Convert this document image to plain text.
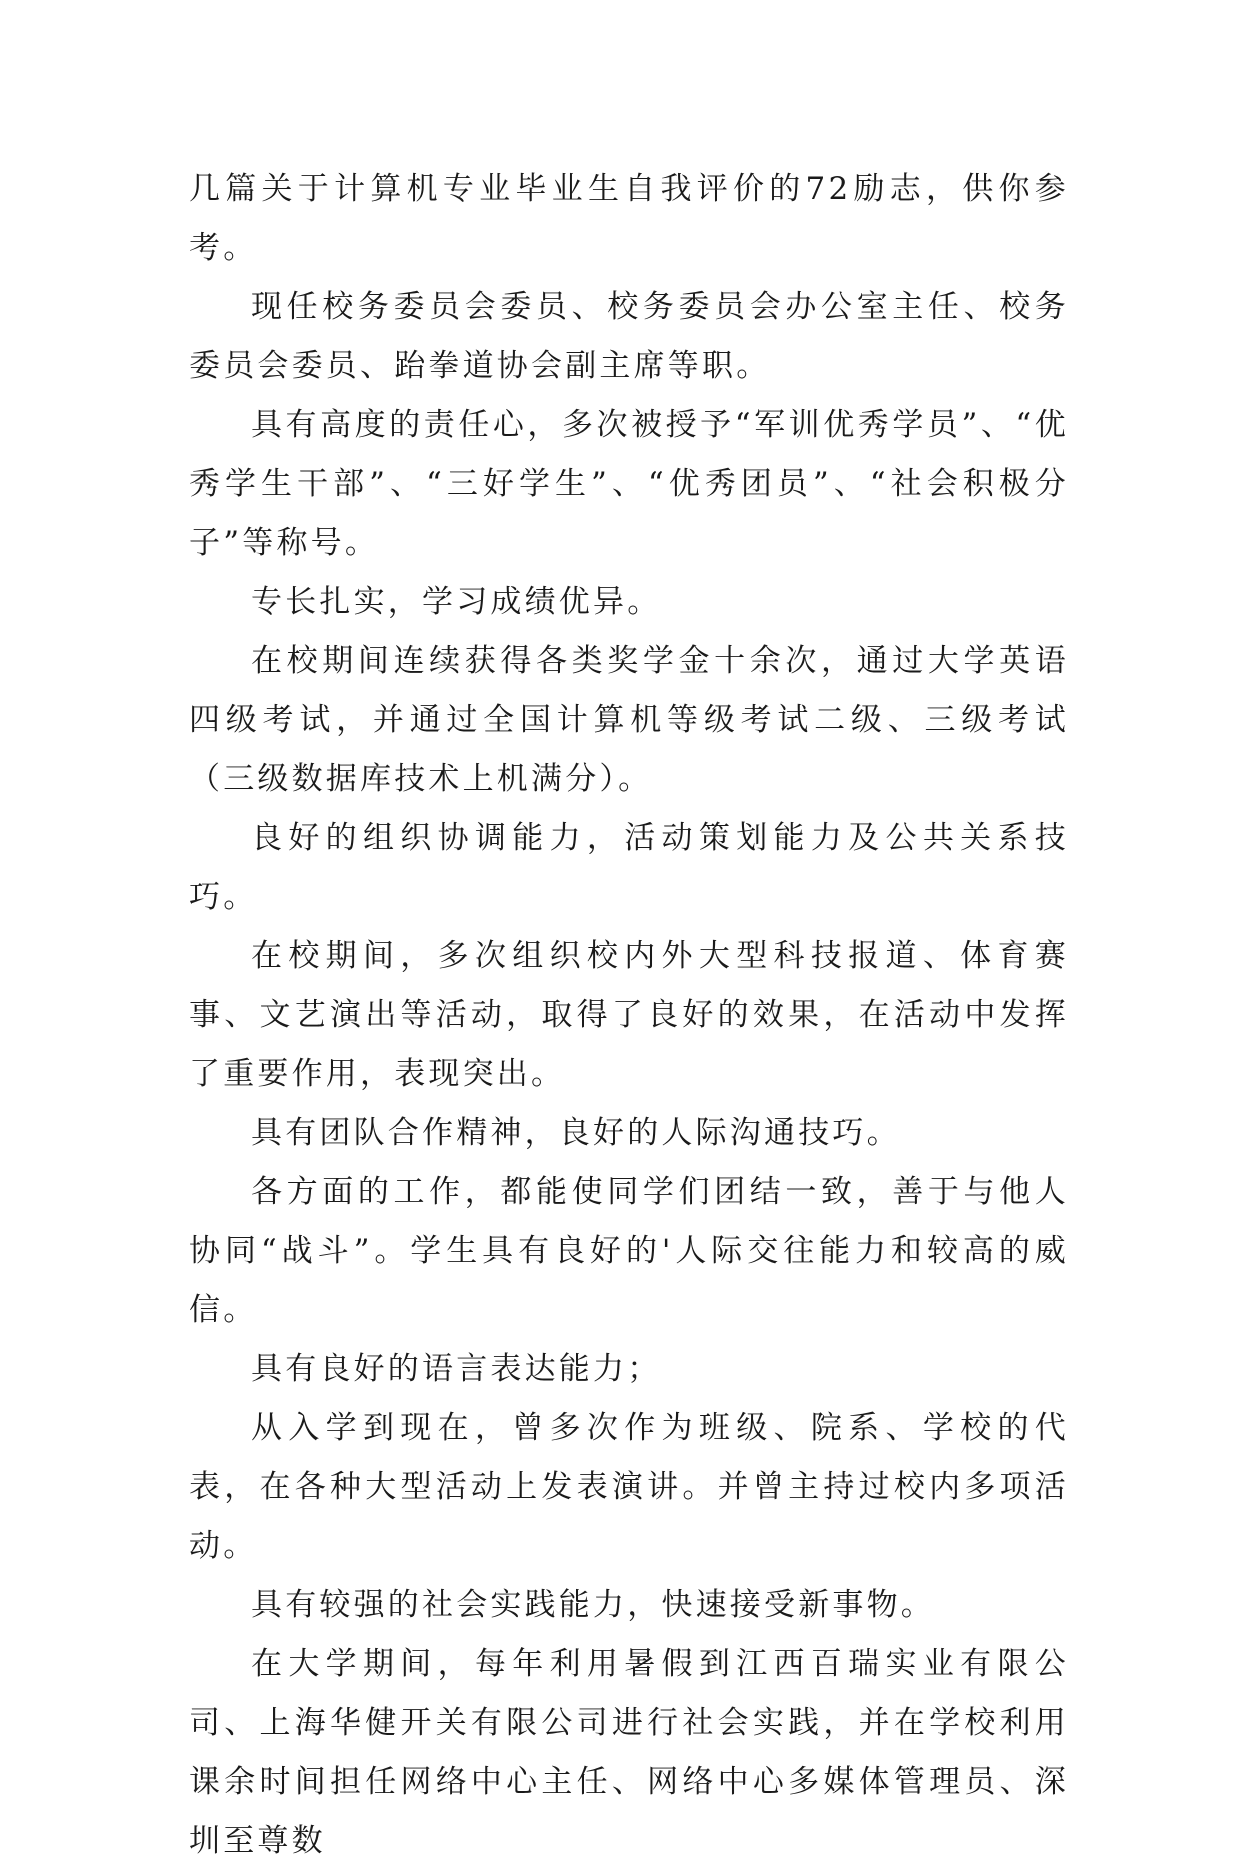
几篇关于计算机专业毕业生自我评价的72励志，供你参考。

现任校务委员会委员、校务委员会办公室主任、校务委员会委员、跆拳道协会副主席等职。

具有高度的责任心，多次被授予“军训优秀学员”、“优秀学生干部”、“三好学生”、“优秀团员”、“社会积极分子”等称号。

专长扎实，学习成绩优异。

在校期间连续获得各类奖学金十余次，通过大学英语四级考试，并通过全国计算机等级考试二级、三级考试（三级数据库技术上机满分）。

良好的组织协调能力，活动策划能力及公共关系技巧。

在校期间，多次组织校内外大型科技报道、体育赛事、文艺演出等活动，取得了良好的效果，在活动中发挥了重要作用，表现突出。

具有团队合作精神，良好的人际沟通技巧。

各方面的工作，都能使同学们团结一致，善于与他人协同“战斗”。学生具有良好的'人际交往能力和较高的威信。

具有良好的语言表达能力；

从入学到现在，曾多次作为班级、院系、学校的代表，在各种大型活动上发表演讲。并曾主持过校内多项活动。

具有较强的社会实践能力，快速接受新事物。

在大学期间，每年利用暑假到江西百瑞实业有限公司、上海华健开关有限公司进行社会实践，并在学校利用课余时间担任网络中心主任、网络中心多媒体管理员、深圳至尊数
